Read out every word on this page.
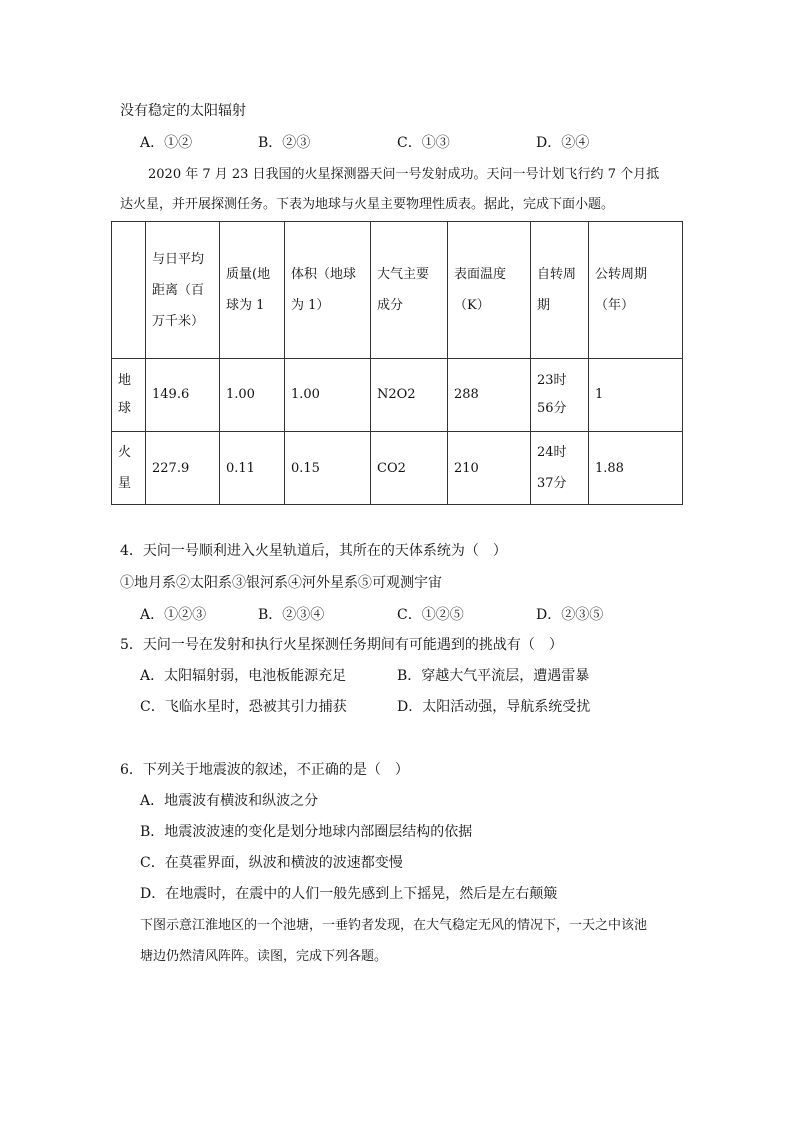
没有稳定的太阳辐射
A．①②	B．②③	C．①③	D．②④
2020 年 7 月 23 日我国的火星探测器天问一号发射成功。天问一号计划飞行约 7 个月抵
达火星，并开展探测任务。下表为地球与火星主要物理性质表。据此，完成下面小题。
	与日平均距离（百万千米）	质量(地球为 1	体积（地球为 1）	大气主要成分	表面温度（K）	自转周期	公转周期（年）
地球	149.6	1.00	1.00	N2O2	288	23时56分	1
火星	227.9	0.11	0.15	CO2	210	24时37分	1.88
4．天问一号顺利进入火星轨道后，其所在的天体系统为（　）
①地月系②太阳系③银河系④河外星系⑤可观测宇宙
A．①②③	B．②③④	C．①②⑤	D．②③⑤
5．天问一号在发射和执行火星探测任务期间有可能遇到的挑战有（　）
A．太阳辐射弱，电池板能源充足	B．穿越大气平流层，遭遇雷暴
C．飞临水星时，恐被其引力捕获	D．太阳活动强，导航系统受扰
6．下列关于地震波的叙述，不正确的是（　）
A．地震波有横波和纵波之分
B．地震波波速的变化是划分地球内部圈层结构的依据
C．在莫霍界面，纵波和横波的波速都变慢
D．在地震时，在震中的人们一般先感到上下摇晃，然后是左右颠簸
下图示意江淮地区的一个池塘，一垂钓者发现，在大气稳定无风的情况下，一天之中该池
塘边仍然清风阵阵。读图，完成下列各题。
